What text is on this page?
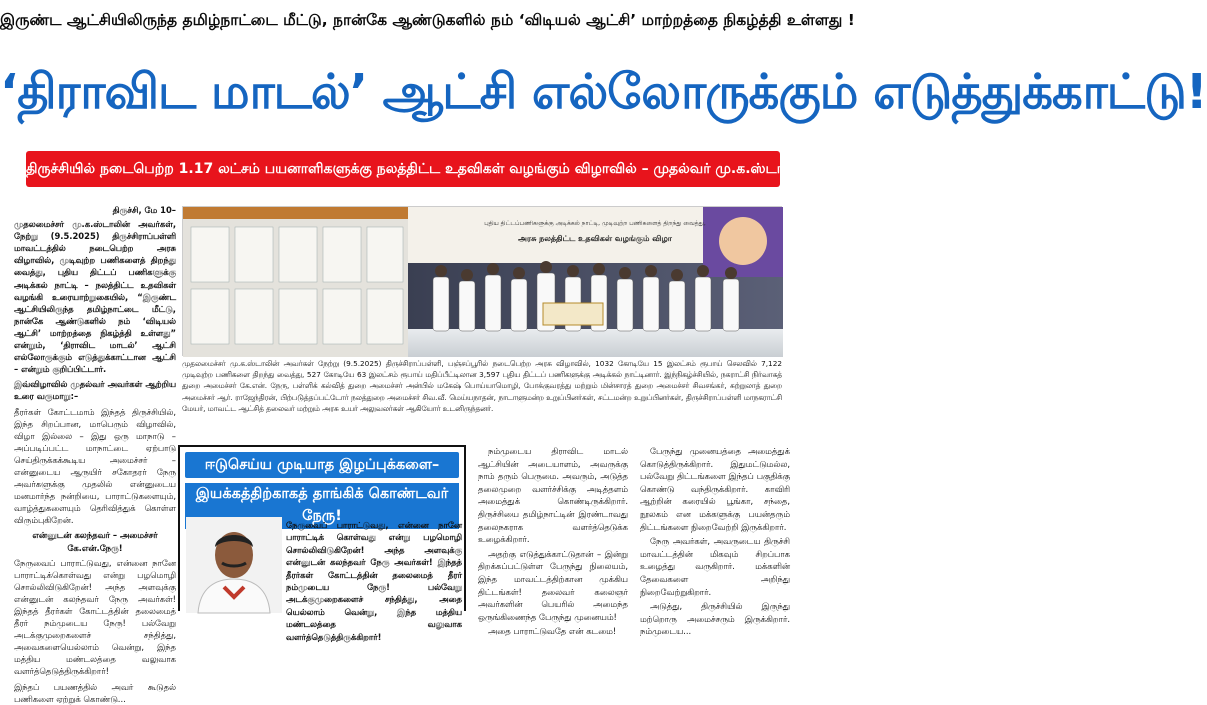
இருண்ட ஆட்சியிலிருந்த தமிழ்நாட்டை மீட்டு, நான்கே ஆண்டுகளில் நம் ‘விடியல் ஆட்சி’ மாற்றத்தை நிகழ்த்தி உள்ளது !
‘திராவிட மாடல்’ ஆட்சி எல்லோருக்கும் எடுத்துக்காட்டு!
திருச்சியில் நடைபெற்ற 1.17 லட்சம் பயனாளிகளுக்கு நலத்திட்ட உதவிகள் வழங்கும் விழாவில் – முதல்வர் மு.க.ஸ்டாலின் பெருமிதம் !
திருச்சி, மே 10–

முதலமைச்சர் மு.க.ஸ்டாலின் அவர்கள், நேற்று (9.5.2025) திருச்சிராப்பள்ளி மாவட்டத்தில் நடைபெற்ற அரசு விழாவில், முடிவுற்ற பணிகளைத் திறந்து வைத்து, புதிய திட்டப் பணிகளுக்கு அடிக்கல் நாட்டி – நலத்திட்ட உதவிகள் வழங்கி உரையாற்றுகையில், “இருண்ட ஆட்சியிலிருந்த தமிழ்நாட்டை மீட்டு, நான்கே ஆண்டுகளில் நம் ‘விடியல் ஆட்சி’ மாற்றத்தை நிகழ்த்தி உள்ளது” என்றும், ‘திராவிட மாடல்’ ஆட்சி எல்லோருக்கும் எடுத்துக்காட்டான ஆட்சி – என்றும் குறிப்பிட்டார்.

இவ்விழாவில் முதல்வர் அவர்கள் ஆற்றிய உரை வருமாறு:–

தீரர்கள் கோட்டமாம் இந்தத் திருச்சியில், இந்த சிறப்பான, மாபெரும் விழாவில், விழா இல்லை – இது ஒரு மாநாடு – அப்படிப்பட்ட மாநாட்டை ஏற்பாடு செய்திருக்கக்கூடிய அமைச்சர் – என்னுடைய ஆருயிர் சகோதரர் நேரு அவர்களுக்கு முதலில் என்னுடைய மனமார்ந்த நன்றியை, பாராட்டுகளையும், வாழ்த்துகளையும் தெரிவித்துக் கொள்ள விரும்புகிறேன்.

என்னுடன் கலந்தவர் – அமைச்சர் கே.என்.நேரு!

நேருவைப் பாராட்டுவது, என்னை நானே பாராட்டிக்கொள்வது என்று பழமொழி சொல்லிவிடுகிறேன்! அந்த அளவுக்கு என்னுடன் கலந்தவர் நேரு அவர்கள்! இந்தத் தீரர்கள் கோட்டத்தின் தலைமைத் தீரர் நம்முடைய நேரு! பல்வேறு அடக்குமுறைகளைச் சந்தித்து, அவைகளையெல்லாம் வென்று, இந்த மத்திய மண்டலத்தை வலுவாக வளர்த்தெடுத்திருக்கிறார்!

இந்தப் பயணத்தில் அவர் கூடுதல் பணிகளை ஏற்றுக் கொண்டு...

புதிய திட்டப்பணிகளுக்கு அடிக்கல் நாட்டி, முடிவுற்ற பணிகளைத் திறந்து வைத்து,
அரசு நலத்திட்ட உதவிகள் வழங்கும் விழா
முதலமைச்சர் மு.க.ஸ்டாலின் அவர்கள் நேற்று (9.5.2025) திருச்சிராப்பள்ளி, பஞ்சப்பூரில் நடைபெற்ற அரசு விழாவில், 1032 கோடியே 15 இலட்சம் ரூபாய் செலவில் 7,122 முடிவுற்ற பணிகளை திறந்து வைத்து, 527 கோடியே 63 இலட்சம் ரூபாய் மதிப்பீட்டிலான 3,597 புதிய திட்டப் பணிகளுக்கு அடிக்கல் நாட்டினார். இந்நிகழ்ச்சியில், நகராட்சி நிர்வாகத் துறை அமைச்சர் கே.என். நேரு, பள்ளிக் கல்வித் துறை அமைச்சர் அன்பில் மகேஷ் பொய்யாமொழி, போக்குவரத்து மற்றும் மின்சாரத் துறை அமைச்சர் சிவசங்கர், சுற்றுலாத் துறை அமைச்சர் ஆர். ராஜேந்திரன், பிற்படுத்தப்பட்டோர் நலத்துறை அமைச்சர் சிவ.வீ. மெய்யநாதன், நாடாளுமன்ற உறுப்பினர்கள், சட்டமன்ற உறுப்பினர்கள், திருச்சிராப்பள்ளி மாநகராட்சி மேயர், மாவட்ட ஆட்சித் தலைவர் மற்றும் அரசு உயர் அலுவலர்கள் ஆகியோர் உடனிருந்தனர்.
ஈடுசெய்ய முடியாத இழப்புக்களை–
இயக்கத்திற்காகத் தாங்கிக் கொண்டவர் நேரு!
நேருவைப் பாராட்டுவது, என்னை நானே பாராட்டிக் கொள்வது என்று பழமொழி சொல்லிவிடுகிறேன்! அந்த அளவுக்கு என்னுடன் கலந்தவர் நேரு அவர்கள்! இந்தத் தீரர்கள் கோட்டத்தின் தலைமைத் தீரர் நம்முடைய நேரு! பல்வேறு அடக்குமுறைகளைச் சந்தித்து, அதை யெல்லாம் வென்று, இந்த மத்திய மண்டலத்தை வலுவாக வளர்த்தெடுத்திருக்கிறார்!

நம்முடைய திராவிட மாடல் ஆட்சியின் அடையாளம், அவருக்கு நாம் தரும் பெருமை. அவரும், அடுத்த தலைமுறை வளர்ச்சிக்கு அடித்தளம் அமைத்துக் கொண்டிருக்கிறார். திருச்சியை தமிழ்நாட்டின் இரண்டாவது தலைநகராக வளர்த்தெடுக்க உழைக்கிறார்.

அதற்கு எடுத்துக்காட்டுதான் – இன்று திறக்கப்பட்டுள்ள பேருந்து நிலையம், இந்த மாவட்டத்திற்கான முக்கிய திட்டங்கள்! தலைவர் கலைஞர் அவர்களின் பெயரில் அமைந்த ஒருங்கிணைந்த பேருந்து முனையம்!

அதை பாராட்டுவதே என் கடமை!

பேருந்து முனையத்தை அமைத்துக் கொடுத்திருக்கிறார். இதுமட்டுமல்ல, பல்வேறு திட்டங்களை இந்தப் பகுதிக்கு கொண்டு வந்திருக்கிறார். காவிரி ஆற்றின் கரையில் பூங்கா, சந்தை, நூலகம் என மக்களுக்கு பயன்தரும் திட்டங்களை நிறைவேற்றி இருக்கிறார்.

நேரு அவர்கள், அவருடைய திருச்சி மாவட்டத்தின் மிகவும் சிறப்பாக உழைத்து வருகிறார். மக்களின் தேவைகளை அறிந்து நிறைவேற்றுகிறார்.

அடுத்து, திருச்சியில் இருந்து மற்றொரு அமைச்சரும் இருக்கிறார். நம்முடைய...
